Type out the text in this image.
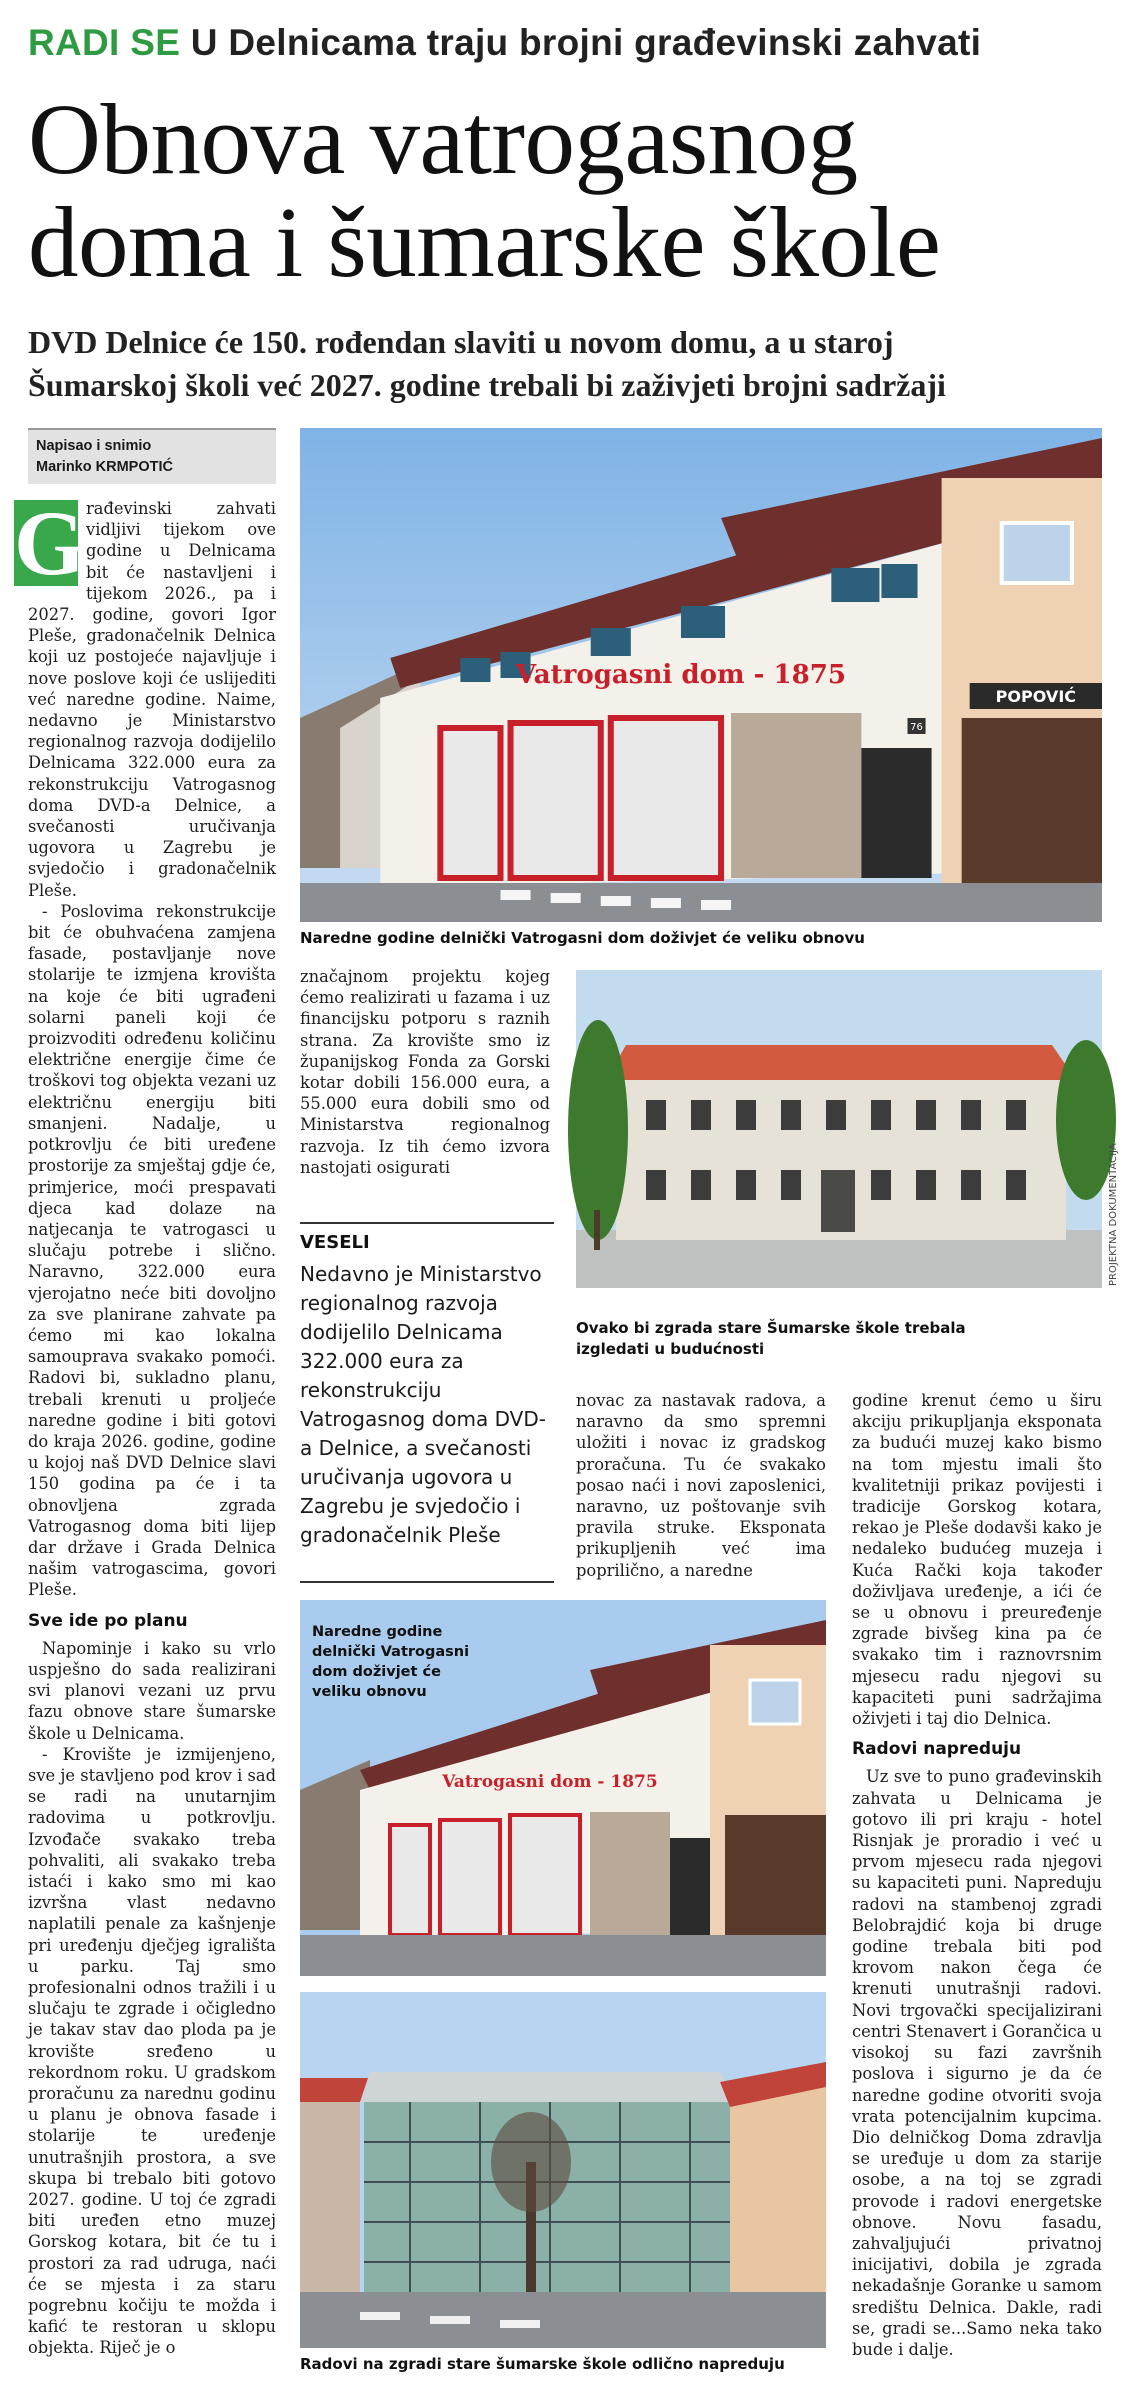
RADI SE U Delnicama traju brojni građevinski zahvati
Obnova vatrogasnog
doma i šumarske škole
DVD Delnice će 150. rođendan slaviti u novom domu, a u staroj
Šumarskoj školi već 2027. godine trebali bi zaživjeti brojni sadržaji
Napisao i snimio
Marinko KRMPOTIĆ

G rađevinski zahvati vidljivi tijekom ove godine u Delnicama bit će nastavljeni i tijekom 2026., pa i 2027. godine, govori Igor Pleše, gradonačelnik Delnica koji uz postojeće najavljuje i nove poslove koji će uslijediti već naredne godine. Naime, nedavno je Ministarstvo regionalnog razvoja dodijelilo Delnicama 322.000 eura za rekonstrukciju Vatrogasnog doma DVD-a Delnice, a svečanosti uručivanja ugovora u Zagrebu je svjedočio i gradonačelnik Pleše.

- Poslovima rekonstrukcije bit će obuhvaćena zamjena fasade, postavljanje nove stolarije te izmjena krovišta na koje će biti ugrađeni solarni paneli koji će proizvoditi određenu količinu električne energije čime će troškovi tog objekta vezani uz električnu energiju biti smanjeni. Nadalje, u potkrovlju će biti uređene prostorije za smještaj gdje će, primjerice, moći prespavati djeca kad dolaze na natjecanja te vatrogasci u slučaju potrebe i slično. Naravno, 322.000 eura vjerojatno neće biti dovoljno za sve planirane zahvate pa ćemo mi kao lokalna samouprava svakako pomoći. Radovi bi, sukladno planu, trebali krenuti u proljeće naredne godine i biti gotovi do kraja 2026. godine, godine u kojoj naš DVD Delnice slavi 150 godina pa će i ta obnovljena zgrada Vatrogasnog doma biti lijep dar države i Grada Delnica našim vatrogascima, govori Pleše.

Sve ide po planu

Napominje i kako su vrlo uspješno do sada realizirani svi planovi vezani uz prvu fazu obnove stare šumarske škole u Delnicama.

- Krovište je izmijenjeno, sve je stavljeno pod krov i sad se radi na unutarnjim radovima u potkrovlju. Izvođače svakako treba pohvaliti, ali svakako treba istaći i kako smo mi kao izvršna vlast nedavno naplatili penale za kašnjenje pri uređenju dječjeg igrališta u parku. Taj smo profesionalni odnos tražili i u slučaju te zgrade i očigledno je takav stav dao ploda pa je krovište sređeno u rekordnom roku. U gradskom proračunu za narednu godinu u planu je obnova fasade i stolarije te uređenje unutrašnjih prostora, a sve skupa bi trebalo biti gotovo 2027. godine. U toj će zgradi biti uređen etno muzej Gorskog kotara, bit će tu i prostori za rad udruga, naći će se mjesta i za staru pogrebnu kočiju te možda i kafić te restoran u sklopu objekta. Riječ je o

POPOVIĆ
Vatrogasni dom - 1875
76
Naredne godine delnički Vatrogasni dom doživjet će veliku obnovu

značajnom projektu kojeg ćemo realizirati u fazama i uz financijsku potporu s raznih strana. Za krovište smo iz županijskog Fonda za Gorski kotar dobili 156.000 eura, a 55.000 eura dobili smo od Ministarstva regionalnog razvoja. Iz tih ćemo izvora nastojati osigurati

VESELI
Nedavno je Ministarstvo regionalnog razvoja dodijelilo Delnicama 322.000 eura za rekonstrukciju Vatrogasnog doma DVD-a Delnice, a svečanosti uručivanja ugovora u Zagrebu je svjedočio i gradonačelnik Pleše
PROJEKTNA DOKUMENTACIJA
Ovako bi zgrada stare Šumarske škole trebala
izgledati u budućnosti

novac za nastavak radova, a naravno da smo spremni uložiti i novac iz gradskog proračuna. Tu će svakako posao naći i novi zaposlenici, naravno, uz poštovanje svih pravila struke. Eksponata prikupljenih već ima poprilično, a naredne

godine krenut ćemo u širu akciju prikupljanja eksponata za budući muzej kako bismo na tom mjestu imali što kvalitetniji prikaz povijesti i tradicije Gorskog kotara, rekao je Pleše dodavši kako je nedaleko budućeg muzeja i Kuća Rački koja također doživljava uređenje, a ići će se u obnovu i preuređenje zgrade bivšeg kina pa će svakako tim i raznovrsnim mjesecu radu njegovi su kapaciteti puni sadržajima oživjeti i taj dio Delnica.

Radovi napreduju

Uz sve to puno građevinskih zahvata u Delnicama je gotovo ili pri kraju - hotel Risnjak je proradio i već u prvom mjesecu rada njegovi su kapaciteti puni. Napreduju radovi na stambenoj zgradi Belobrajdić koja bi druge godine trebala biti pod krovom nakon čega će krenuti unutrašnji radovi. Novi trgovački specijalizirani centri Stenavert i Gorančica u visokoj su fazi završnih poslova i sigurno je da će naredne godine otvoriti svoja vrata potencijalnim kupcima. Dio delničkog Doma zdravlja se uređuje u dom za starije osobe, a na toj se zgradi provode i radovi energetske obnove. Novu fasadu, zahvaljujući privatnoj inicijativi, dobila je zgrada nekadašnje Goranke u samom središtu Delnica. Dakle, radi se, gradi se...Samo neka tako bude i dalje.

Vatrogasni dom - 1875
Naredne godine delnički Vatrogasni dom doživjet će veliku obnovu
Radovi na zgradi stare šumarske škole odlično napreduju
